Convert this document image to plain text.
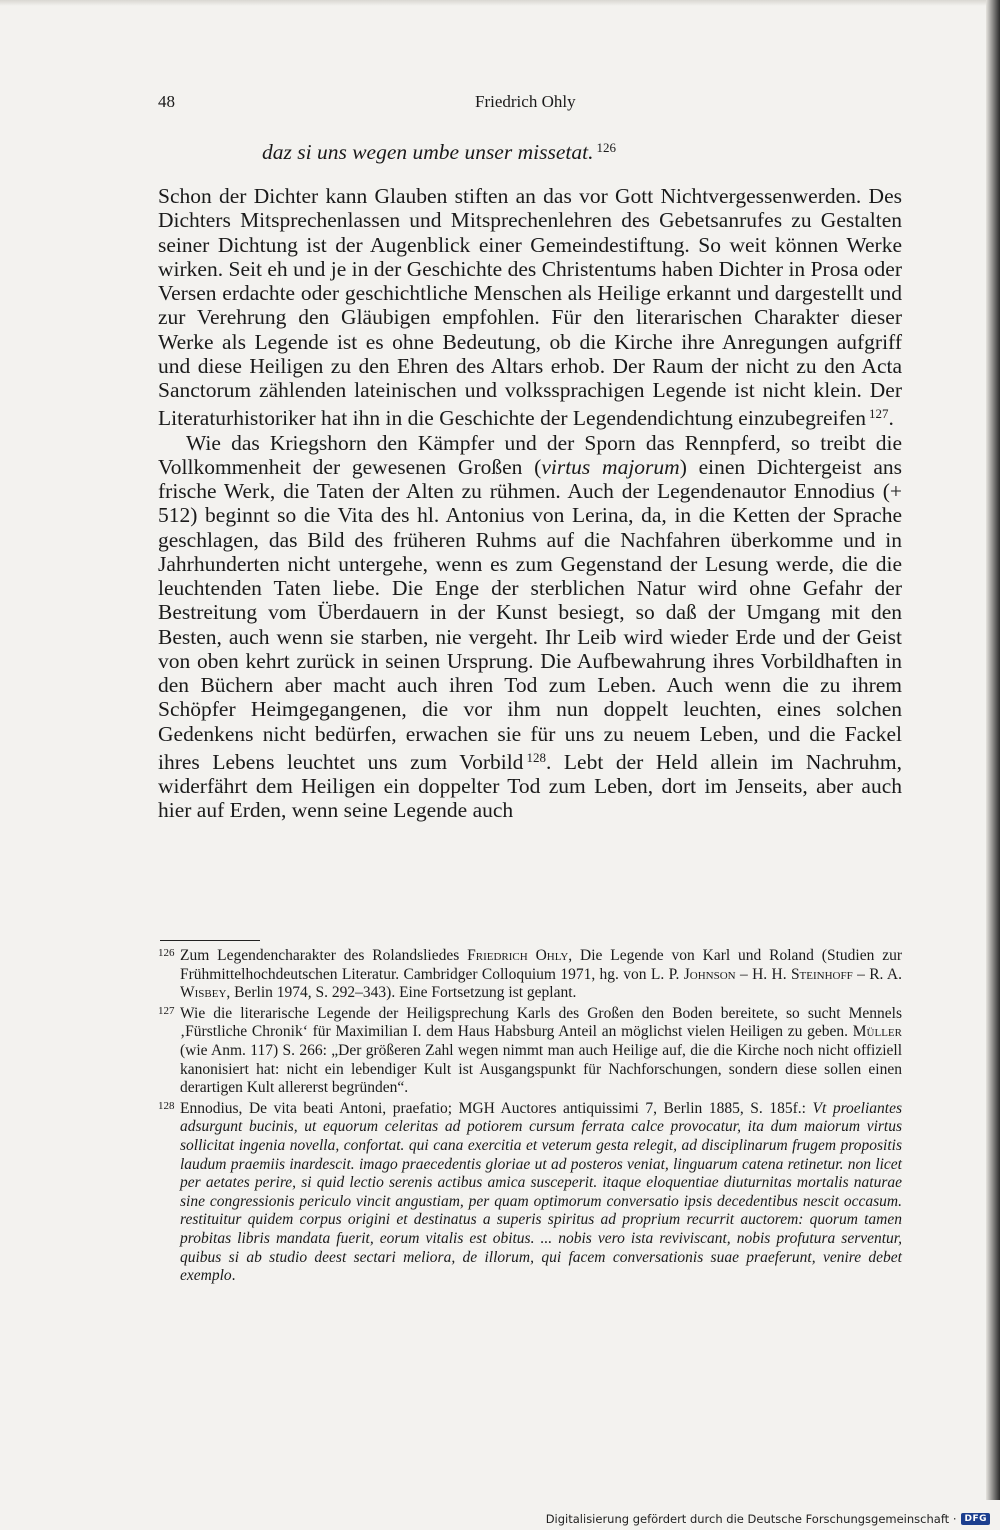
48	Friedrich Ohly
daz si uns wegen umbe unser missetat. $^{126}$

Schon der Dichter kann Glauben stiften an das vor Gott Nichtvergessenwerden. Des Dichters Mitsprechenlassen und Mitsprechenlehren des Gebetsanrufes zu Gestalten seiner Dichtung ist der Augenblick einer Gemeindestiftung. So weit können Werke wirken. Seit eh und je in der Geschichte des Christentums haben Dichter in Prosa oder Versen erdachte oder geschichtliche Menschen als Heilige erkannt und dargestellt und zur Verehrung den Gläubigen empfohlen. Für den literarischen Charakter dieser Werke als Legende ist es ohne Bedeutung, ob die Kirche ihre Anregungen aufgriff und diese Heiligen zu den Ehren des Altars erhob. Der Raum der nicht zu den Acta Sanctorum zählenden lateinischen und volkssprachigen Legende ist nicht klein. Der Literaturhistoriker hat ihn in die Geschichte der Legendendichtung einzubegreifen $^{127}$.

Wie das Kriegshorn den Kämpfer und der Sporn das Rennpferd, so treibt die Vollkommenheit der gewesenen Großen (virtus majorum) einen Dichtergeist ans frische Werk, die Taten der Alten zu rühmen. Auch der Legendenautor Ennodius (+ 512) beginnt so die Vita des hl. Antonius von Lerina, da, in die Ketten der Sprache geschlagen, das Bild des früheren Ruhms auf die Nachfahren überkomme und in Jahrhunderten nicht untergehe, wenn es zum Gegenstand der Lesung werde, die die leuchtenden Taten liebe. Die Enge der sterblichen Natur wird ohne Gefahr der Bestreitung vom Überdauern in der Kunst besiegt, so daß der Umgang mit den Besten, auch wenn sie starben, nie vergeht. Ihr Leib wird wieder Erde und der Geist von oben kehrt zurück in seinen Ursprung. Die Aufbewahrung ihres Vorbildhaften in den Büchern aber macht auch ihren Tod zum Leben. Auch wenn die zu ihrem Schöpfer Heimgegangenen, die vor ihm nun doppelt leuchten, eines solchen Gedenkens nicht bedürfen, erwachen sie für uns zu neuem Leben, und die Fackel ihres Lebens leuchtet uns zum Vorbild $^{128}$. Lebt der Held allein im Nachruhm, widerfährt dem Heiligen ein doppelter Tod zum Leben, dort im Jenseits, aber auch hier auf Erden, wenn seine Legende auch

126 Zum Legendencharakter des Rolandsliedes Friedrich Ohly, Die Legende von Karl und Roland (Studien zur Frühmittelhochdeutschen Literatur. Cambridger Colloquium 1971, hg. von L. P. Johnson – H. H. Steinhoff – R. A. Wisbey, Berlin 1974, S. 292–343). Eine Fortsetzung ist geplant.
127 Wie die literarische Legende der Heiligsprechung Karls des Großen den Boden bereitete, so sucht Mennels ‚Fürstliche Chronik‘ für Maximilian I. dem Haus Habsburg Anteil an möglichst vielen Heiligen zu geben. Müller (wie Anm. 117) S. 266: „Der größeren Zahl wegen nimmt man auch Heilige auf, die die Kirche noch nicht offiziell kanonisiert hat: nicht ein lebendiger Kult ist Ausgangspunkt für Nachforschungen, sondern diese sollen einen derartigen Kult allererst begründen“.
128 Ennodius, De vita beati Antoni, praefatio; MGH Auctores antiquissimi 7, Berlin 1885, S. 185f.: Vt proeliantes adsurgunt bucinis, ut equorum celeritas ad potiorem cursum ferrata calce provocatur, ita dum maiorum virtus sollicitat ingenia novella, confortat. qui cana exercitia et veterum gesta relegit, ad disciplinarum frugem propositis laudum praemiis inardescit. imago praecedentis gloriae ut ad posteros veniat, linguarum catena retinetur. non licet per aetates perire, si quid lectio serenis actibus amica susceperit. itaque eloquentiae diuturnitas mortalis naturae sine congressionis periculo vincit angustiam, per quam optimorum conversatio ipsis decedentibus nescit occasum. restituitur quidem corpus origini et destinatus a superis spiritus ad proprium recurrit auctorem: quorum tamen probitas libris mandata fuerit, eorum vitalis est obitus. ... nobis vero ista reviviscant, nobis profutura serventur, quibus si ab studio deest sectari meliora, de illorum, qui facem conversationis suae praeferunt, venire debet exemplo.
Digitalisierung gefördert durch die Deutsche Forschungsgemeinschaft · DFG
